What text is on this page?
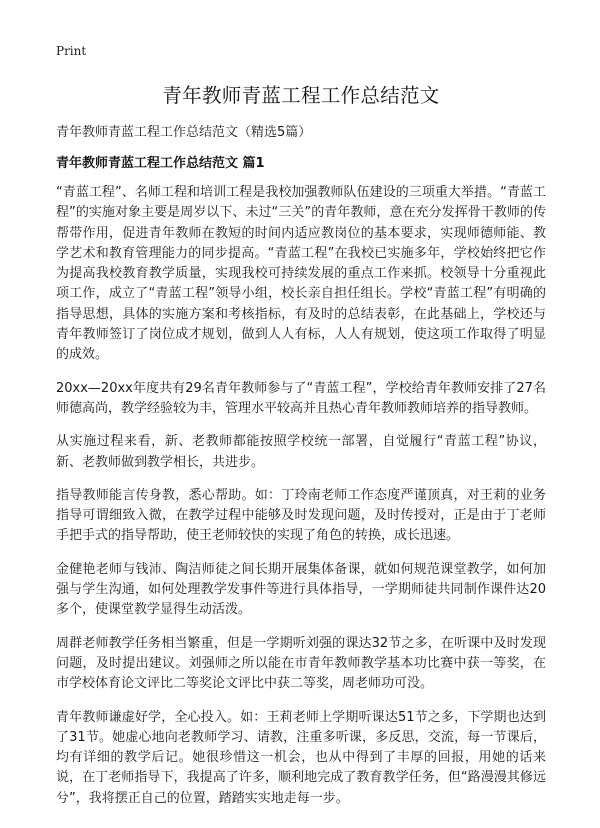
Print
青年教师青蓝工程工作总结范文

青年教师青蓝工程工作总结范文（精选5篇）

青年教师青蓝工程工作总结范文 篇1

“青蓝工程”、名师工程和培训工程是我校加强教师队伍建设的三项重大举措。“青蓝工程”的实施对象主要是周岁以下、未过“三关”的青年教师，意在充分发挥骨干教师的传帮带作用，促进青年教师在教短的时间内适应教岗位的基本要求，实现师德师能、教学艺术和教育管理能力的同步提高。“青蓝工程”在我校已实施多年，学校始终把它作为提高我校教育教学质量，实现我校可持续发展的重点工作来抓。校领导十分重视此项工作，成立了“青蓝工程”领导小组，校长亲自担任组长。学校“青蓝工程”有明确的指导思想，具体的实施方案和考核指标，有及时的总结表彰，在此基础上，学校还与青年教师签订了岗位成才规划，做到人人有标，人人有规划，使这项工作取得了明显的成效。

20xx—20xx年度共有29名青年教师参与了“青蓝工程”，学校给青年教师安排了27名师德高尚，教学经验较为丰，管理水平较高并且热心青年教师教师培养的指导教师。

从实施过程来看，新、老教师都能按照学校统一部署，自觉履行“青蓝工程”协议，新、老教师做到教学相长，共进步。

指导教师能言传身教，悉心帮助。如：丁玲南老师工作态度严谨顶真，对王莉的业务指导可谓细致入微，在教学过程中能够及时发现问题，及时传授对，正是由于丁老师手把手式的指导帮助，使王老师较快的实现了角色的转换，成长迅速。

金健艳老师与钱沛、陶洁师徒之间长期开展集体备课，就如何规范课堂教学，如何加强与学生沟通，如何处理教学发事件等进行具体指导，一学期师徒共同制作课件达20多个，使课堂教学显得生动活泼。

周群老师教学任务相当繁重，但是一学期听刘强的课达32节之多，在听课中及时发现问题，及时提出建议。刘强师之所以能在市青年教师教学基本功比赛中获一等奖，在市学校体育论文评比二等奖论文评比中获二等奖，周老师功可没。

青年教师谦虚好学，全心投入。如：王莉老师上学期听课达51节之多，下学期也达到了31节。她虚心地向老教师学习、请教，注重多听课，多反思，交流，每一节课后，均有详细的教学后记。她很珍惜这一机会，也从中得到了丰厚的回报，用她的话来说，在丁老师指导下，我提高了许多，顺利地完成了教育教学任务，但“路漫漫其修远兮”，我将摆正自己的位置，踏踏实实地走每一步。
